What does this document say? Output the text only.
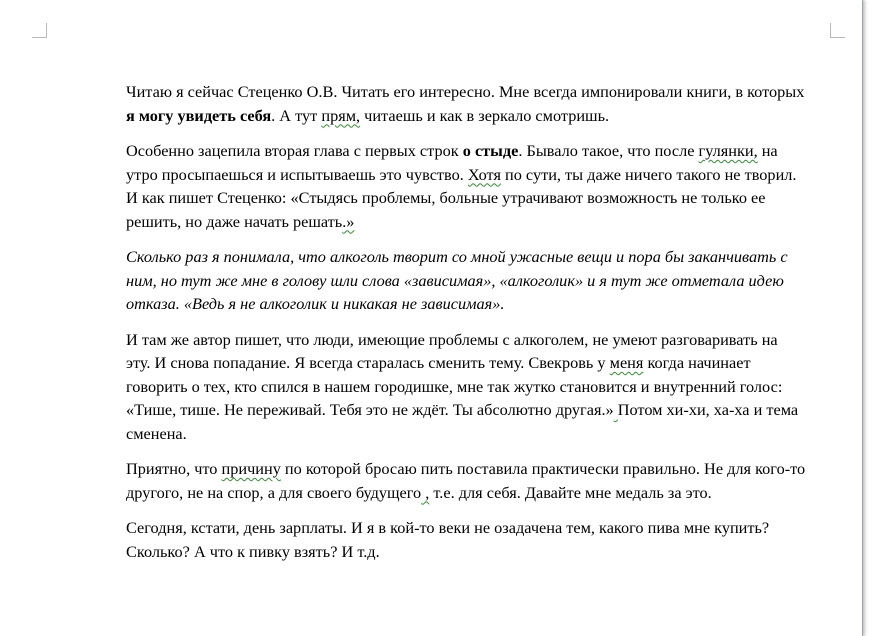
Читаю я сейчас Стеценко О.В. Читать его интересно. Мне всегда импонировали книги, в которых я могу увидеть себя. А тут прям, читаешь и как в зеркало смотришь.

Особенно зацепила вторая глава с первых строк о стыде. Бывало такое, что после гулянки, на утро просыпаешься и испытываешь это чувство. Хотя по сути, ты даже ничего такого не творил. И как пишет Стеценко: «Стыдясь проблемы, больные утрачивают возможность не только ее решить, но даже начать решать.»

Сколько раз я понимала, что алкоголь творит со мной ужасные вещи и пора бы заканчивать с ним, но тут же мне в голову шли слова «зависимая», «алкоголик» и я тут же отметала идею отказа. «Ведь я не алкоголик и никакая не зависимая».

И там же автор пишет, что люди, имеющие проблемы с алкоголем, не умеют разговаривать на эту. И снова попадание. Я всегда старалась сменить тему. Свекровь у меня когда начинает говорить о тех, кто спился в нашем городишке, мне так жутко становится и внутренний голос: «Тише, тише. Не переживай. Тебя это не ждёт. Ты абсолютно другая.» Потом хи-хи, ха-ха и тема сменена.

Приятно, что причину по которой бросаю пить поставила практически правильно. Не для кого-то другого, не на спор, а для своего будущего , т.е. для себя. Давайте мне медаль за это.

Сегодня, кстати, день зарплаты. И я в кой-то веки не озадачена тем, какого пива мне купить? Сколько? А что к пивку взять? И т.д.
